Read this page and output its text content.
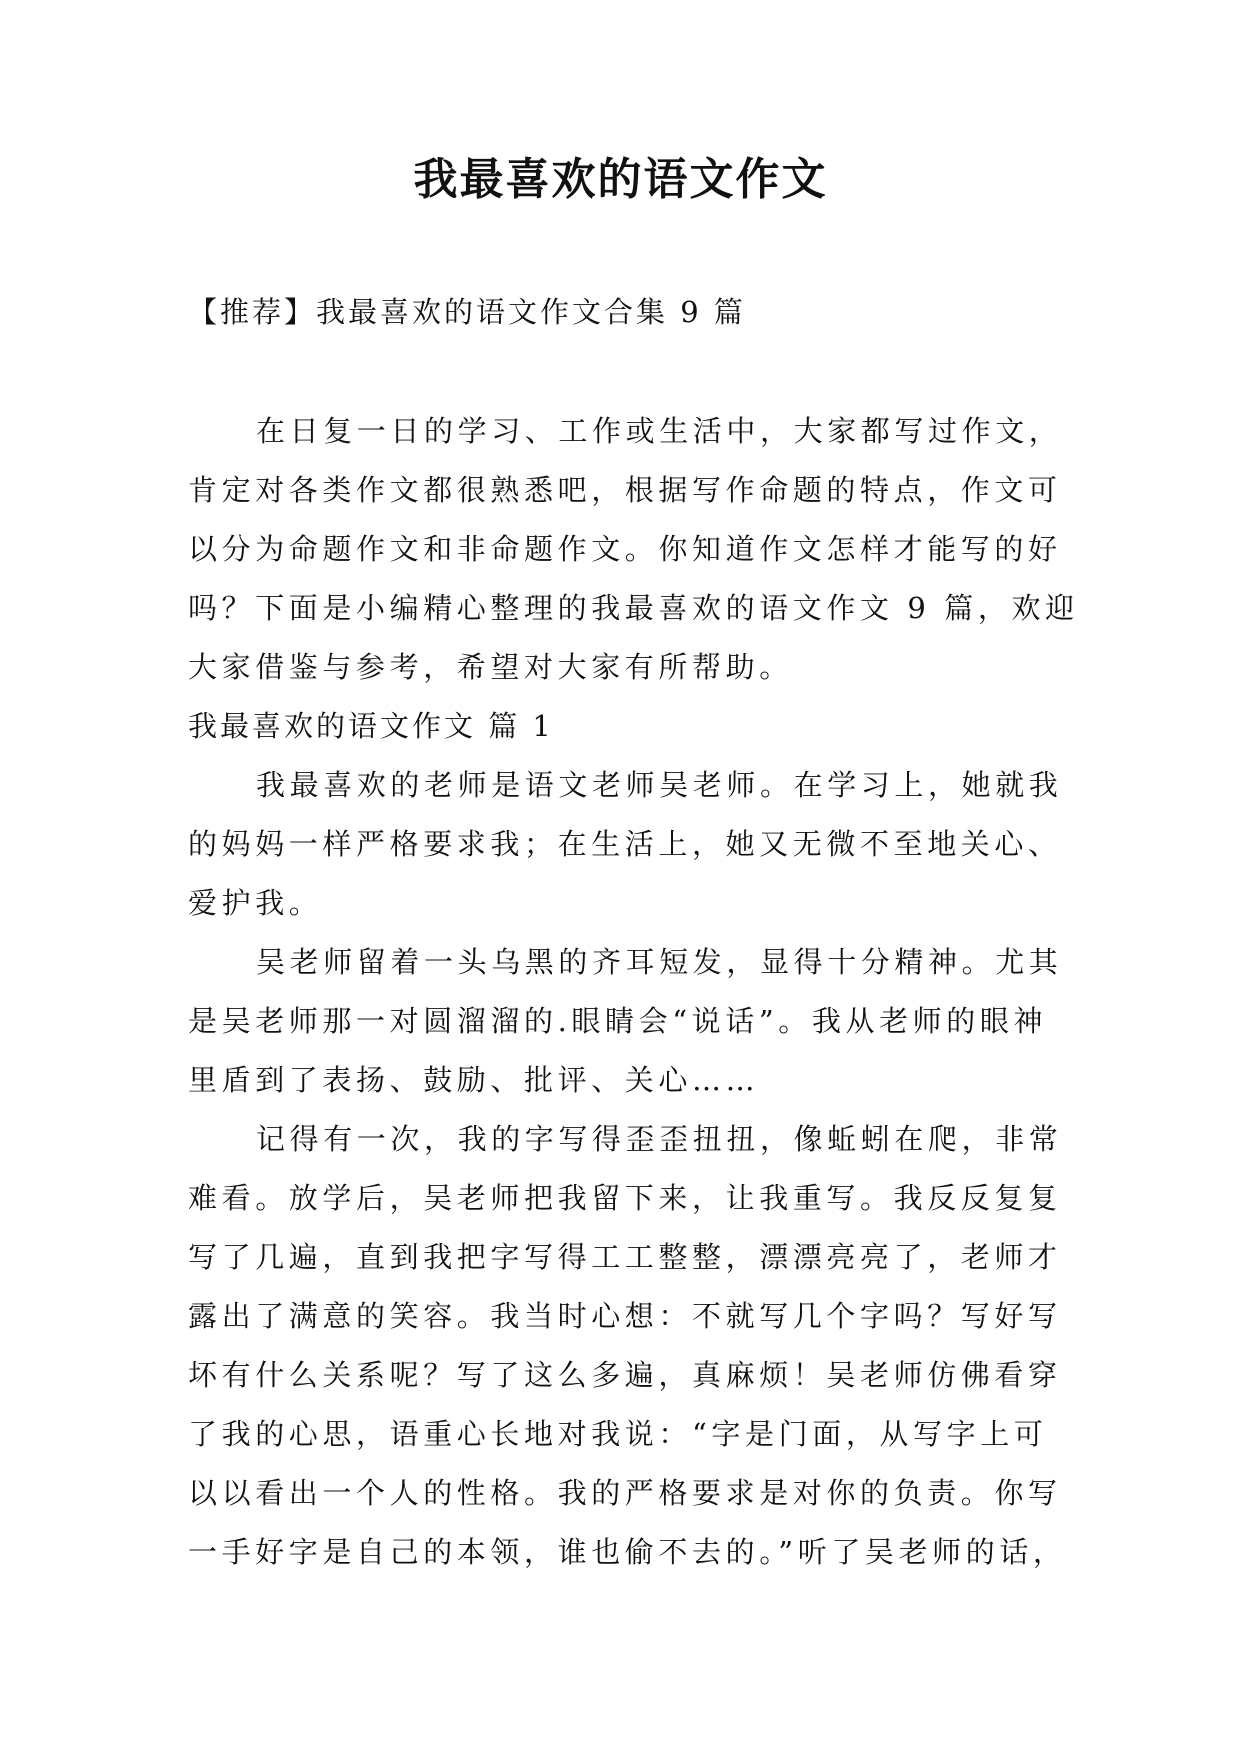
我最喜欢的语文作文
【推荐】我最喜欢的语文作文合集 9 篇
在日复一日的学习、工作或生活中，大家都写过作文，
肯定对各类作文都很熟悉吧，根据写作命题的特点，作文可
以分为命题作文和非命题作文。你知道作文怎样才能写的好
吗？下面是小编精心整理的我最喜欢的语文作文 9 篇，欢迎
大家借鉴与参考，希望对大家有所帮助。
我最喜欢的语文作文 篇 1
我最喜欢的老师是语文老师吴老师。在学习上，她就我
的妈妈一样严格要求我；在生活上，她又无微不至地关心、
爱护我。
吴老师留着一头乌黑的齐耳短发，显得十分精神。尤其
是吴老师那一对圆溜溜的.眼睛会“说话”。我从老师的眼神
里盾到了表扬、鼓励、批评、关心……
记得有一次，我的字写得歪歪扭扭，像蚯蚓在爬，非常
难看。放学后，吴老师把我留下来，让我重写。我反反复复
写了几遍，直到我把字写得工工整整，漂漂亮亮了，老师才
露出了满意的笑容。我当时心想：不就写几个字吗？写好写
坏有什么关系呢？写了这么多遍，真麻烦！吴老师仿佛看穿
了我的心思，语重心长地对我说：“字是门面，从写字上可
以以看出一个人的性格。我的严格要求是对你的负责。你写
一手好字是自己的本领，谁也偷不去的。”听了吴老师的话，
